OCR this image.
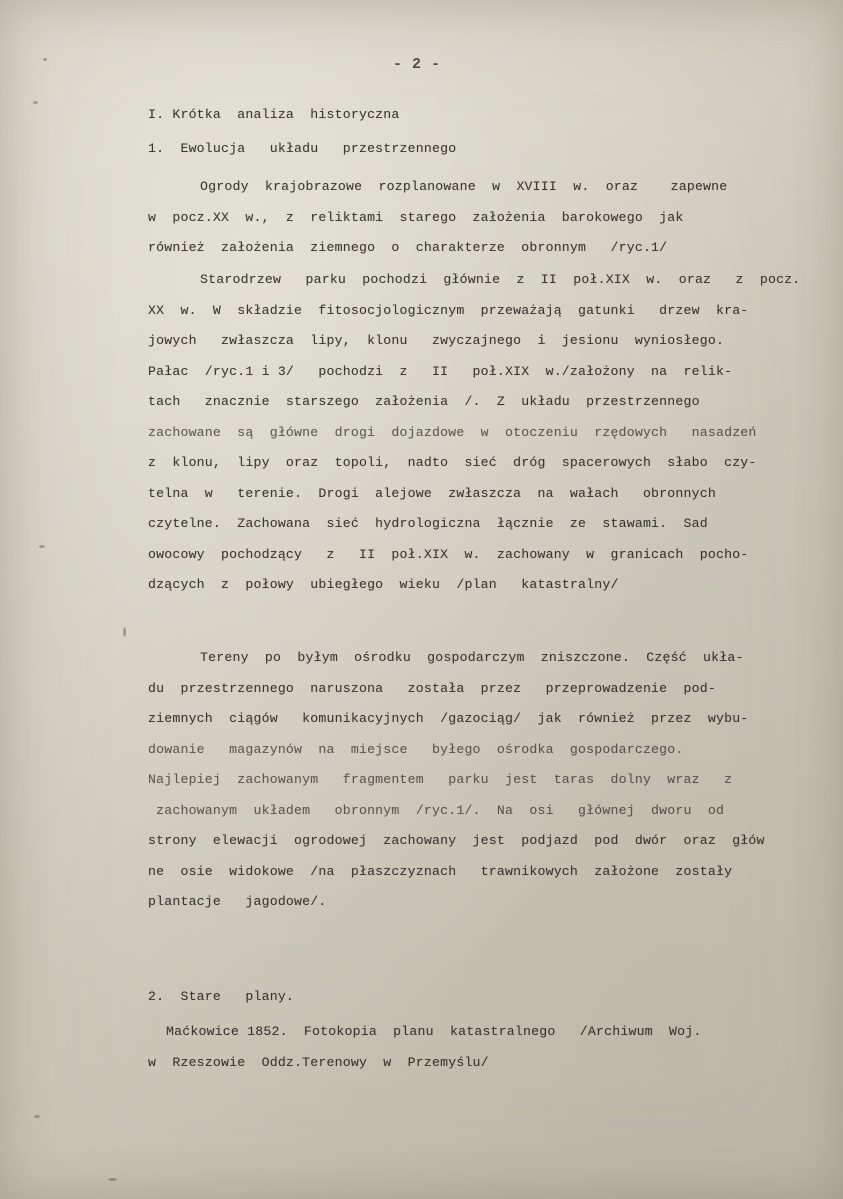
-2-
I. Krótka  analiza  historyczna
1.  Ewolucja   układu   przestrzennego
Ogrody  krajobrazowe  rozplanowane  w  XVIII  w.  oraz    zapewne
w  pocz.XX  w.,  z  reliktami  starego  założenia  barokowego  jak
również  założenia  ziemnego  o  charakterze  obronnym   /ryc.1/
Starodrzew   parku  pochodzi  głównie  z  II  poł.XIX  w.  oraz   z  pocz.
XX  w.  W  składzie  fitosocjologicznym  przeważają  gatunki   drzew  kra-
jowych   zwłaszcza  lipy,  klonu   zwyczajnego  i  jesionu  wyniosłego.
Pałac  /ryc.1 i 3/   pochodzi  z   II   poł.XIX  w./założony  na  relik-
tach   znacznie  starszego  założenia  /.  Z  układu  przestrzennego
zachowane  są  główne  drogi  dojazdowe  w  otoczeniu  rzędowych   nasadzeń
z  klonu,  lipy  oraz  topoli,  nadto  sieć  dróg  spacerowych  słabo  czy-
telna  w   terenie.  Drogi  alejowe  zwłaszcza  na  wałach   obronnych
czytelne.  Zachowana  sieć  hydrologiczna  łącznie  ze  stawami.  Sad
owocowy  pochodzący   z   II  poł.XIX  w.  zachowany  w  granicach  pocho-
dzących  z  połowy  ubiegłego  wieku  /plan   katastralny/
Tereny  po  byłym  ośrodku  gospodarczym  zniszczone.  Część  ukła-
du  przestrzennego  naruszona   została  przez   przeprowadzenie  pod-
ziemnych  ciągów   komunikacyjnych  /gazociąg/  jak  również  przez  wybu-
dowanie   magazynów  na  miejsce   byłego  ośrodka  gospodarczego.
Najlepiej  zachowanym   fragmentem   parku  jest  taras  dolny  wraz   z
zachowanym  układem   obronnym  /ryc.1/.  Na  osi   głównej  dworu  od
strony  elewacji  ogrodowej  zachowany  jest  podjazd  pod  dwór  oraz  głów
ne  osie  widokowe  /na  płaszczyznach   trawnikowych  założone  zostały
plantacje   jagodowe/.
2.  Stare   plany.
Maćkowice 1852.  Fotokopia  planu  katastralnego   /Archiwum  Woj.
w  Rzeszowie  Oddz.Terenowy  w  Przemyślu/
